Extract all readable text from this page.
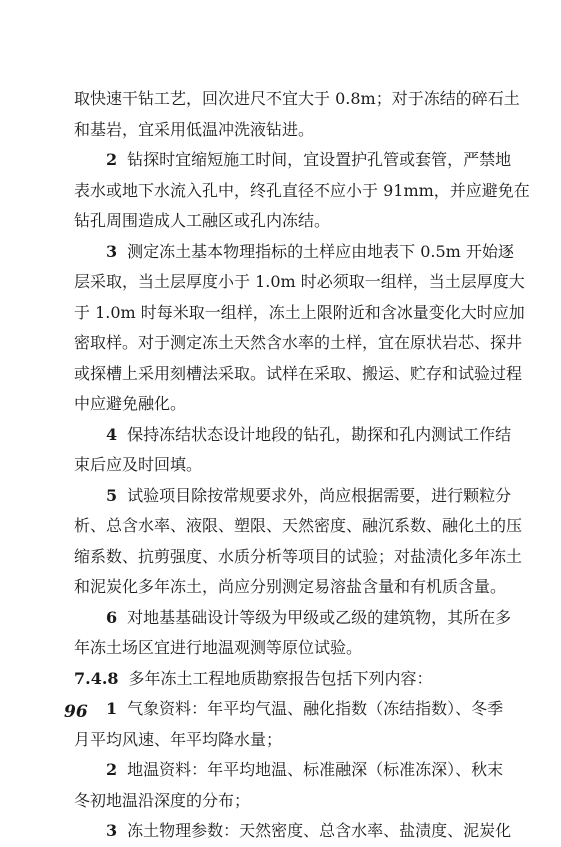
取快速干钻工艺，回次进尺不宜大于 0.8m；对于冻结的碎石土
和基岩，宜采用低温冲洗液钻进。
2 钻探时宜缩短施工时间，宜设置护孔管或套管，严禁地
表水或地下水流入孔中，终孔直径不应小于 91mm，并应避免在
钻孔周围造成人工融区或孔内冻结。
3 测定冻土基本物理指标的土样应由地表下 0.5m 开始逐
层采取，当土层厚度小于 1.0m 时必须取一组样，当土层厚度大
于 1.0m 时每米取一组样，冻土上限附近和含冰量变化大时应加
密取样。对于测定冻土天然含水率的土样，宜在原状岩芯、探井
或探槽上采用刻槽法采取。试样在采取、搬运、贮存和试验过程
中应避免融化。
4 保持冻结状态设计地段的钻孔，勘探和孔内测试工作结
束后应及时回填。
5 试验项目除按常规要求外，尚应根据需要，进行颗粒分
析、总含水率、液限、塑限、天然密度、融沉系数、融化土的压
缩系数、抗剪强度、水质分析等项目的试验；对盐渍化多年冻土
和泥炭化多年冻土，尚应分别测定易溶盐含量和有机质含量。
6 对地基基础设计等级为甲级或乙级的建筑物，其所在多
年冻土场区宜进行地温观测等原位试验。
7.4.8 多年冻土工程地质勘察报告包括下列内容：
1 气象资料：年平均气温、融化指数（冻结指数）、冬季
月平均风速、年平均降水量；
2 地温资料：年平均地温、标准融深（标准冻深）、秋末
冬初地温沿深度的分布；
3 冻土物理参数：天然密度、总含水率、盐渍度、泥炭化
96
